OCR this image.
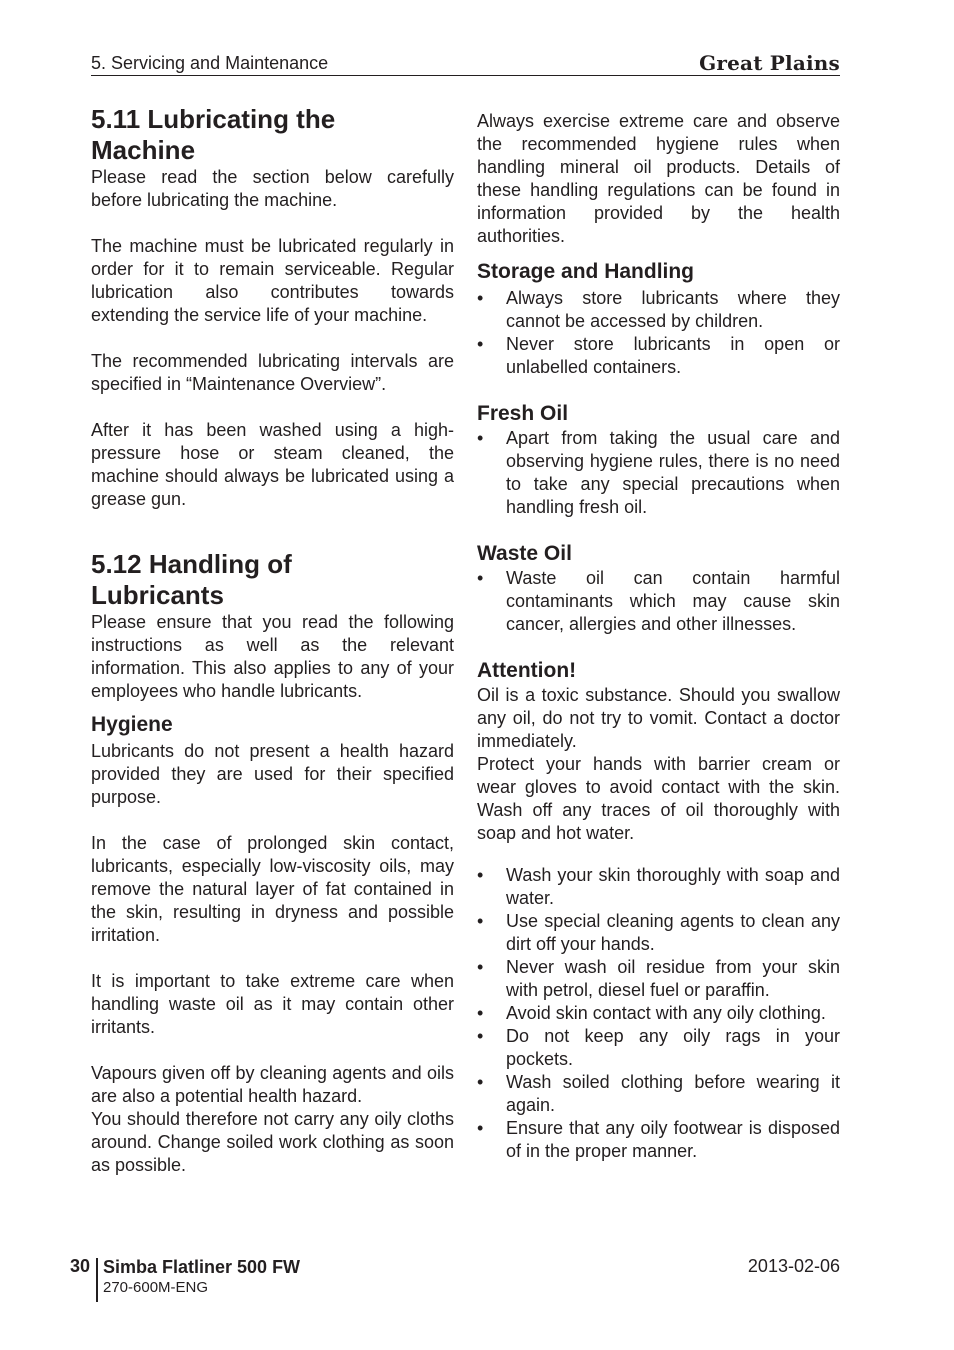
5. Servicing and Maintenance	Great Plains
5.11 Lubricating the
Machine

Please read the section below carefully before lubricating the machine.

The machine must be lubricated regularly in order for it to remain serviceable. Regular lubrication also contributes towards extending the service life of your machine.

The recommended lubricating intervals are specified in “Maintenance Overview”.

After it has been washed using a high-pressure hose or steam cleaned, the machine should always be lubricated using a grease gun.

5.12 Handling of
Lubricants

Please ensure that you read the following instructions as well as the relevant information. This also applies to any of your employees who handle lubricants.

Hygiene

Lubricants do not present a health hazard provided they are used for their specified purpose.

In the case of prolonged skin contact, lubricants, especially low-viscosity oils, may remove the natural layer of fat contained in the skin, resulting in dryness and possible irritation.

It is important to take extreme care when handling waste oil as it may contain other irritants.

Vapours given off by cleaning agents and oils are also a potential health hazard.

You should therefore not carry any oily cloths around. Change soiled work clothing as soon as possible.

Always exercise extreme care and observe the recommended hygiene rules when handling mineral oil products. Details of these handling regulations can be found in information provided by the health authorities.

Storage and Handling
• Always store lubricants where they cannot be accessed by children.
• Never store lubricants in open or unlabelled containers.
Fresh Oil
• Apart from taking the usual care and observing hygiene rules, there is no need to take any special precautions when handling fresh oil.
Waste Oil
• Waste oil can contain harmful contaminants which may cause skin cancer, allergies and other illnesses.
Attention!

Oil is a toxic substance. Should you swallow any oil, do not try to vomit. Contact a doctor immediately.

Protect your hands with barrier cream or wear gloves to avoid contact with the skin. Wash off any traces of oil thoroughly with soap and hot water.

• Wash your skin thoroughly with soap and water.
• Use special cleaning agents to clean any dirt off your hands.
• Never wash oil residue from your skin with petrol, diesel fuel or paraffin.
• Avoid skin contact with any oily clothing.
• Do not keep any oily rags in your pockets.
• Wash soiled clothing before wearing it again.
• Ensure that any oily footwear is disposed of in the proper manner.
30 Simba Flatliner 500 FW
270-600M-ENG
2013-02-06
